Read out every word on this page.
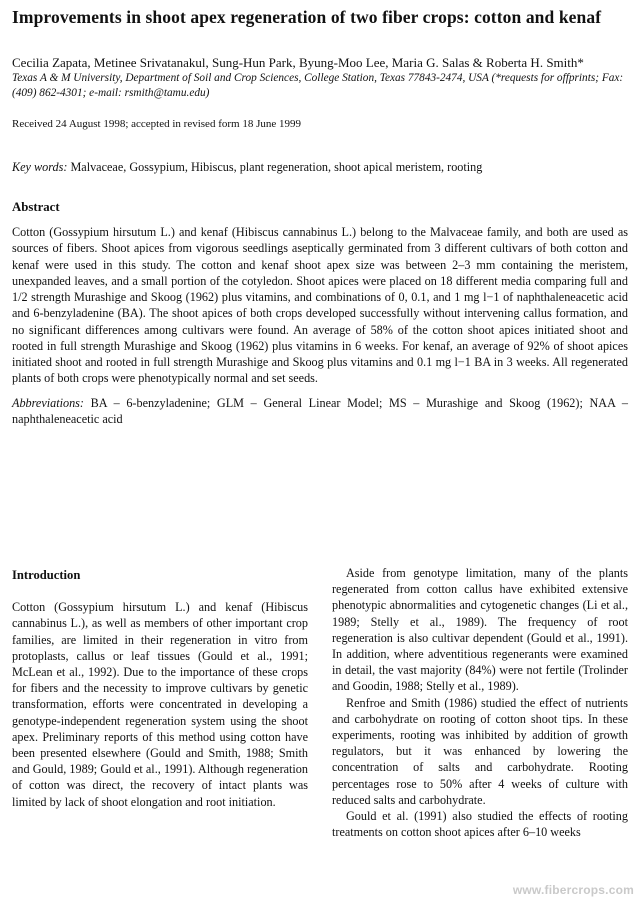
Improvements in shoot apex regeneration of two fiber crops: cotton and kenaf

Cecilia Zapata, Metinee Srivatanakul, Sung-Hun Park, Byung-Moo Lee, Maria G. Salas & Roberta H. Smith*

Texas A & M University, Department of Soil and Crop Sciences, College Station, Texas 77843-2474, USA (*requests for offprints; Fax: (409) 862-4301; e-mail: rsmith@tamu.edu)

Received 24 August 1998; accepted in revised form 18 June 1999

Key words: Malvaceae, Gossypium, Hibiscus, plant regeneration, shoot apical meristem, rooting

Abstract

Cotton (Gossypium hirsutum L.) and kenaf (Hibiscus cannabinus L.) belong to the Malvaceae family, and both are used as sources of fibers. Shoot apices from vigorous seedlings aseptically germinated from 3 different cultivars of both cotton and kenaf were used in this study. The cotton and kenaf shoot apex size was between 2–3 mm containing the meristem, unexpanded leaves, and a small portion of the cotyledon. Shoot apices were placed on 18 different media comparing full and 1/2 strength Murashige and Skoog (1962) plus vitamins, and combinations of 0, 0.1, and 1 mg l−1 of naphthaleneacetic acid and 6-benzyladenine (BA). The shoot apices of both crops developed successfully without intervening callus formation, and no significant differences among cultivars were found. An average of 58% of the cotton shoot apices initiated shoot and rooted in full strength Murashige and Skoog (1962) plus vitamins in 6 weeks. For kenaf, an average of 92% of shoot apices initiated shoot and rooted in full strength Murashige and Skoog plus vitamins and 0.1 mg l−1 BA in 3 weeks. All regenerated plants of both crops were phenotypically normal and set seeds.

Abbreviations: BA – 6-benzyladenine; GLM – General Linear Model; MS – Murashige and Skoog (1962); NAA – naphthaleneacetic acid

Introduction

Cotton (Gossypium hirsutum L.) and kenaf (Hibiscus cannabinus L.), as well as members of other important crop families, are limited in their regeneration in vitro from protoplasts, callus or leaf tissues (Gould et al., 1991; McLean et al., 1992). Due to the importance of these crops for fibers and the necessity to improve cultivars by genetic transformation, efforts were concentrated in developing a genotype-independent regeneration system using the shoot apex. Preliminary reports of this method using cotton have been presented elsewhere (Gould and Smith, 1988; Smith and Gould, 1989; Gould et al., 1991). Although regeneration of cotton was direct, the recovery of intact plants was limited by lack of shoot elongation and root initiation.

Aside from genotype limitation, many of the plants regenerated from cotton callus have exhibited extensive phenotypic abnormalities and cytogenetic changes (Li et al., 1989; Stelly et al., 1989). The frequency of root regeneration is also cultivar dependent (Gould et al., 1991). In addition, where adventitious regenerants were examined in detail, the vast majority (84%) were not fertile (Trolinder and Goodin, 1988; Stelly et al., 1989).

Renfroe and Smith (1986) studied the effect of nutrients and carbohydrate on rooting of cotton shoot tips. In these experiments, rooting was inhibited by addition of growth regulators, but it was enhanced by lowering the concentration of salts and carbohydrate. Rooting percentages rose to 50% after 4 weeks of culture with reduced salts and carbohydrate.

Gould et al. (1991) also studied the effects of rooting treatments on cotton shoot apices after 6–10 weeks

www.fibercrops.com
